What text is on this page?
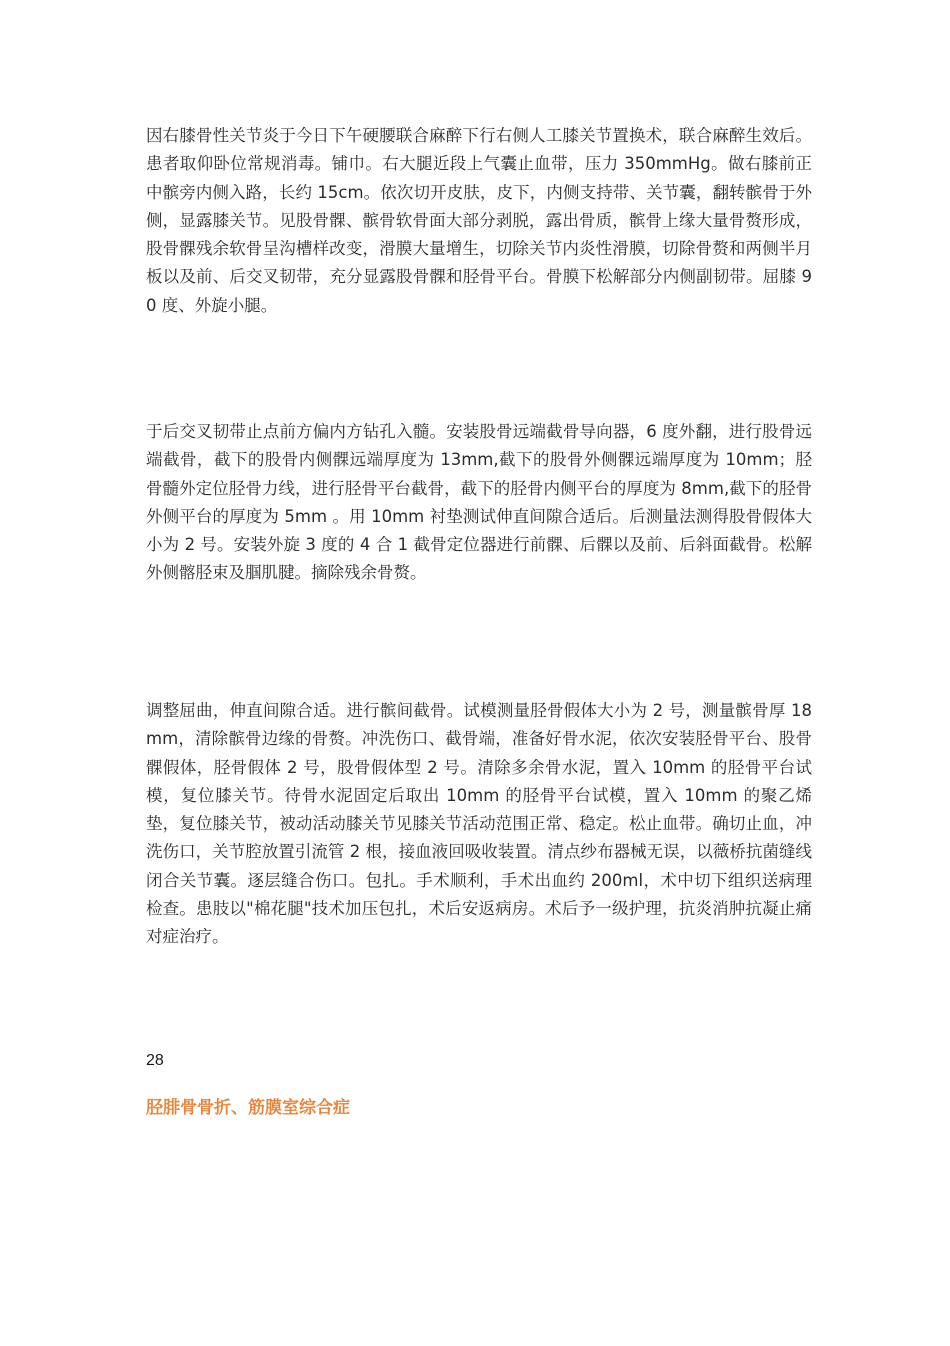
因右膝骨性关节炎于今日下午硬腰联合麻醉下行右侧人工膝关节置换术，联合麻醉生效后。患者取仰卧位常规消毒。铺巾。右大腿近段上气囊止血带，压力 350mmHg。做右膝前正中髌旁内侧入路，长约 15cm。依次切开皮肤，皮下，内侧支持带、关节囊，翻转髌骨于外侧，显露膝关节。见股骨髁、髌骨软骨面大部分剥脱，露出骨质，髌骨上缘大量骨赘形成，股骨髁残余软骨呈沟槽样改变，滑膜大量增生，切除关节内炎性滑膜，切除骨赘和两侧半月板以及前、后交叉韧带，充分显露股骨髁和胫骨平台。骨膜下松解部分内侧副韧带。屈膝 90 度、外旋小腿。

于后交叉韧带止点前方偏内方钻孔入髓。安装股骨远端截骨导向器，6 度外翻，进行股骨远端截骨，截下的股骨内侧髁远端厚度为 13mm,截下的股骨外侧髁远端厚度为 10mm；胫骨髓外定位胫骨力线，进行胫骨平台截骨，截下的胫骨内侧平台的厚度为 8mm,截下的胫骨外侧平台的厚度为 5mm 。用 10mm 衬垫测试伸直间隙合适后。后测量法测得股骨假体大小为 2 号。安装外旋 3 度的 4 合 1 截骨定位器进行前髁、后髁以及前、后斜面截骨。松解外侧髂胫束及腘肌腱。摘除残余骨赘。

调整屈曲，伸直间隙合适。进行髌间截骨。试模测量胫骨假体大小为 2 号，测量髌骨厚 18mm，清除髌骨边缘的骨赘。冲洗伤口、截骨端，准备好骨水泥，依次安装胫骨平台、股骨髁假体，胫骨假体 2 号，股骨假体型 2 号。清除多余骨水泥，置入 10mm 的胫骨平台试模，复位膝关节。待骨水泥固定后取出 10mm 的胫骨平台试模，置入 10mm 的聚乙烯垫，复位膝关节，被动活动膝关节见膝关节活动范围正常、稳定。松止血带。确切止血，冲洗伤口，关节腔放置引流管 2 根，接血液回吸收装置。清点纱布器械无误，以薇桥抗菌缝线闭合关节囊。逐层缝合伤口。包扎。手术顺利，手术出血约 200ml，术中切下组织送病理检查。患肢以"棉花腿"技术加压包扎，术后安返病房。术后予一级护理，抗炎消肿抗凝止痛对症治疗。

28
胫腓骨骨折、筋膜室综合症
